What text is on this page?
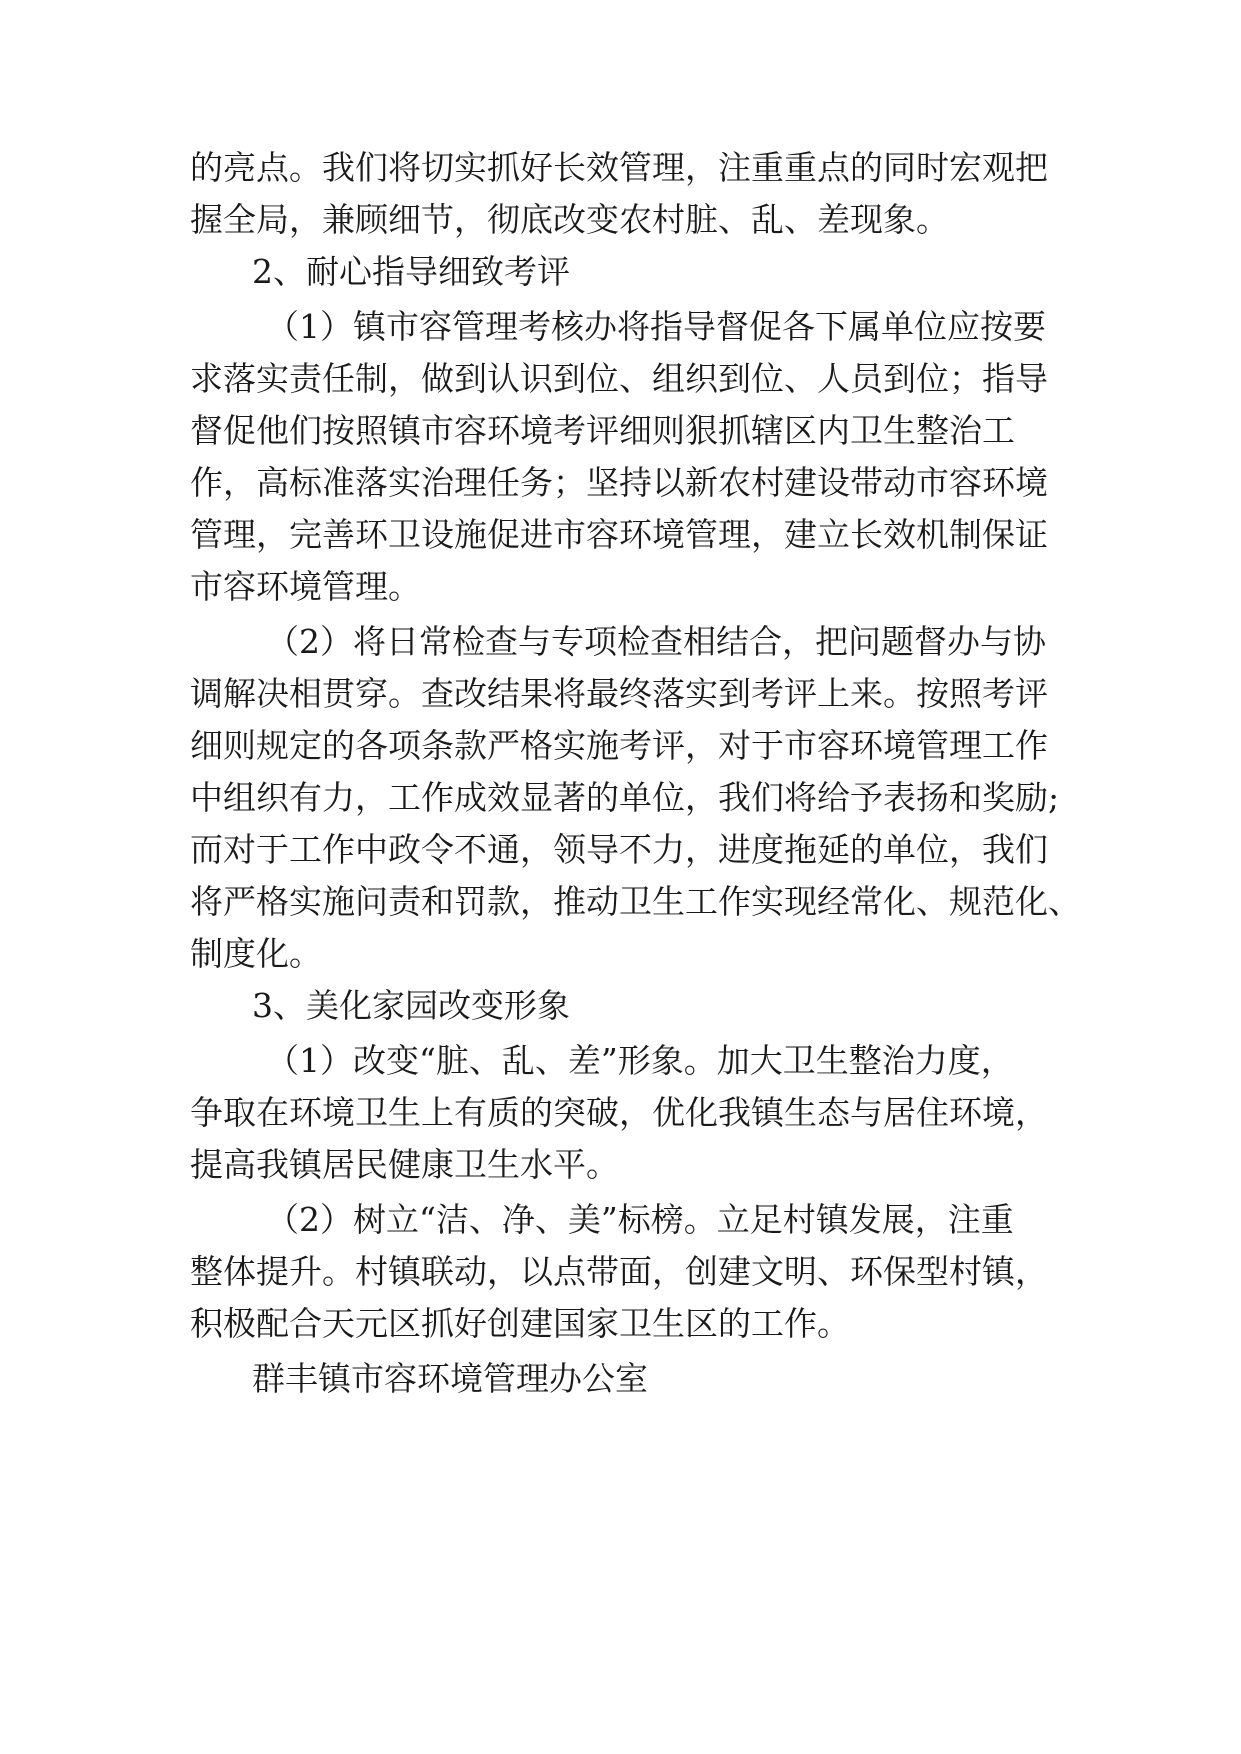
的亮点。我们将切实抓好长效管理，注重重点的同时宏观把
握全局，兼顾细节，彻底改变农村脏、乱、差现象。
2、耐心指导细致考评
（1）镇市容管理考核办将指导督促各下属单位应按要
求落实责任制，做到认识到位、组织到位、人员到位；指导
督促他们按照镇市容环境考评细则狠抓辖区内卫生整治工
作，高标准落实治理任务；坚持以新农村建设带动市容环境
管理，完善环卫设施促进市容环境管理，建立长效机制保证
市容环境管理。
（2）将日常检查与专项检查相结合，把问题督办与协
调解决相贯穿。查改结果将最终落实到考评上来。按照考评
细则规定的各项条款严格实施考评，对于市容环境管理工作
中组织有力，工作成效显著的单位，我们将给予表扬和奖励;
而对于工作中政令不通，领导不力，进度拖延的单位，我们
将严格实施问责和罚款，推动卫生工作实现经常化、规范化、
制度化。
3、美化家园改变形象
（1）改变“脏、乱、差”形象。加大卫生整治力度，
争取在环境卫生上有质的突破，优化我镇生态与居住环境，
提高我镇居民健康卫生水平。
（2）树立“洁、净、美”标榜。立足村镇发展，注重
整体提升。村镇联动，以点带面，创建文明、环保型村镇，
积极配合天元区抓好创建国家卫生区的工作。
群丰镇市容环境管理办公室
